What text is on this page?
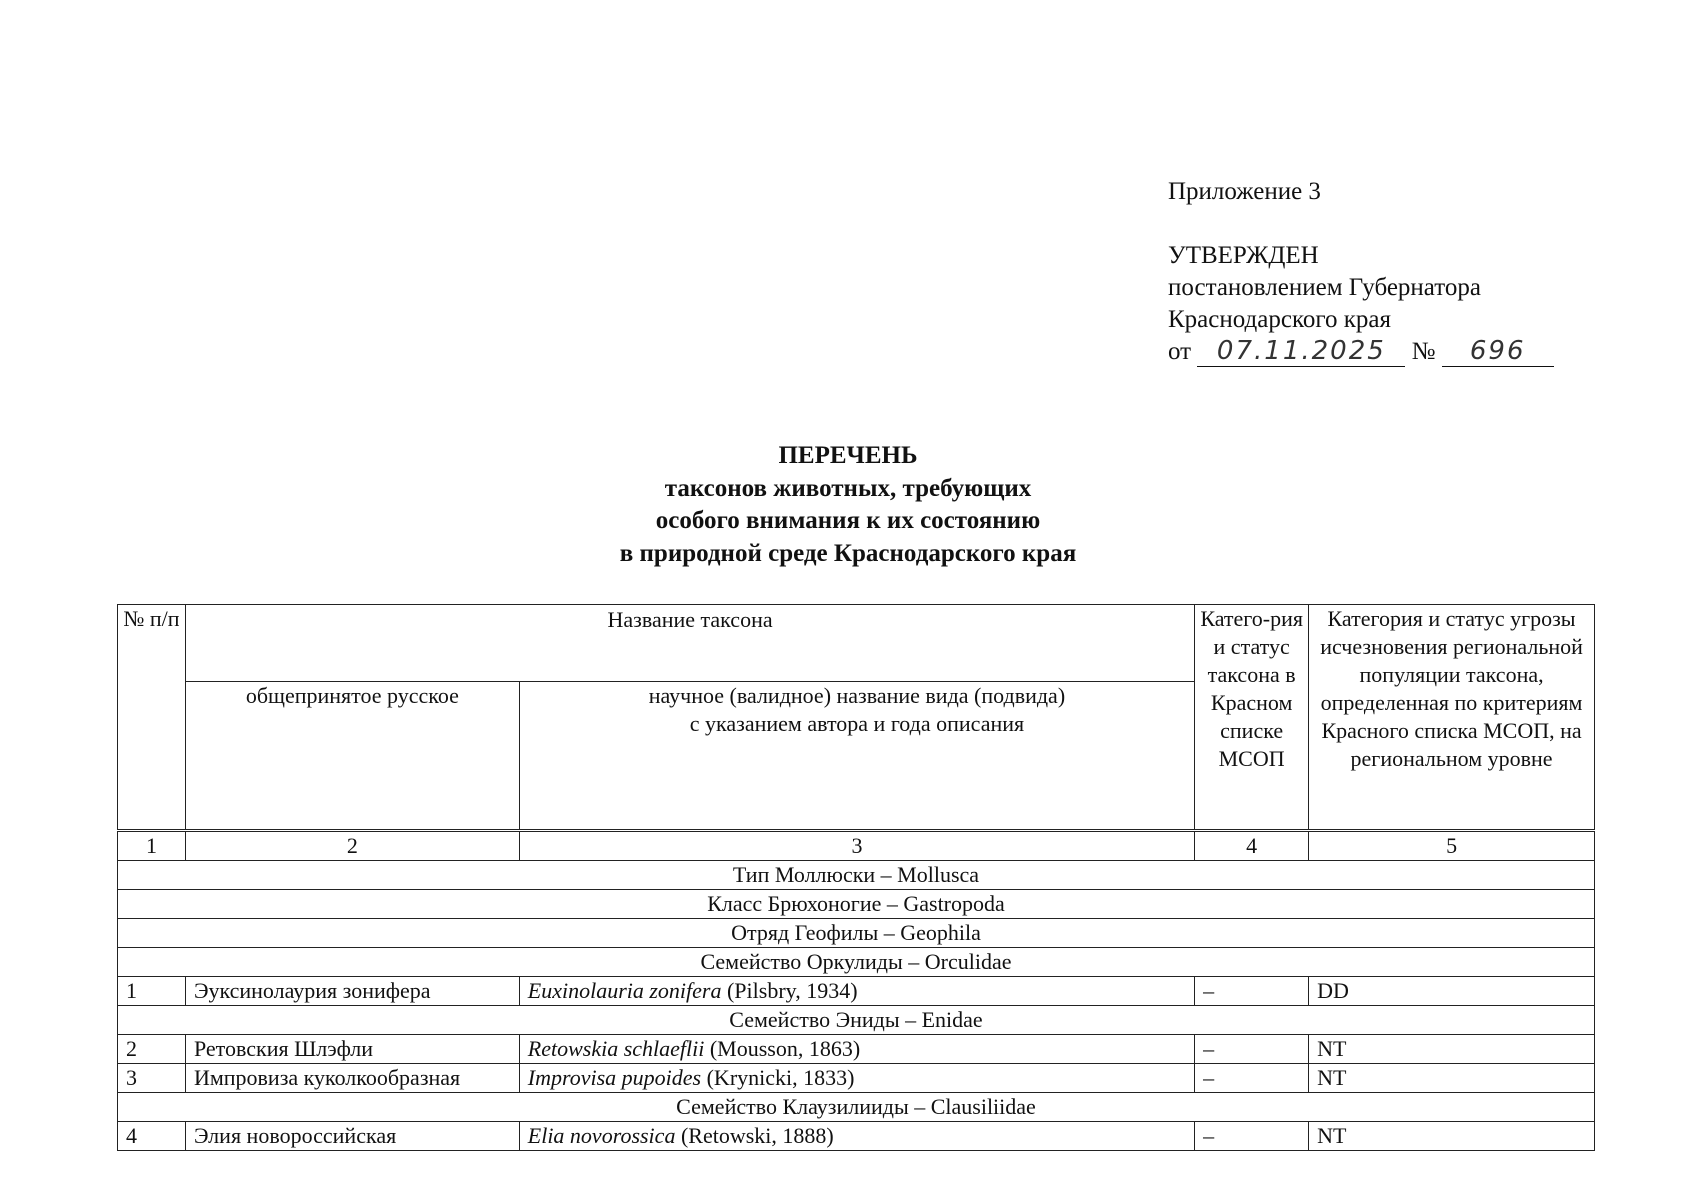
Приложение 3
УТВЕРЖДЕН
постановлением Губернатора
Краснодарского края
от 07.11.2025 № 696
ПЕРЕЧЕНЬ
таксонов животных, требующих
особого внимания к их состоянию
в природной среде Краснодарского края
№ п/п	Название таксона		Катего-рия и статус таксона в Красном списке МСОП	Категория и статус угрозы исчезновения региональной популяции таксона, определенная по критериям Красного списка МСОП, на региональном уровне
	общепринятое русское	научное (валидное) название вида (подвида)
с указанием автора и года описания		

1	2	3	4	5
Тип Моллюски – Mollusca				
Класс Брюхоногие – Gastropoda				
Отряд Геофилы – Geophila				
Семейство Оркулиды – Orculidae				
1	Эуксинолаурия зонифера	Euxinolauria zonifera (Pilsbry, 1934)	–	DD
Семейство Эниды – Enidae				
2	Ретовския Шлэфли	Retowskia schlaeflii (Mousson, 1863)	–	NT
3	Импровиза куколкообразная	Improvisa pupoides (Krynicki, 1833)	–	NT
Семейство Клаузилииды – Clausiliidae				
4	Элия новороссийская	Elia novorossica (Retowski, 1888)	–	NT
